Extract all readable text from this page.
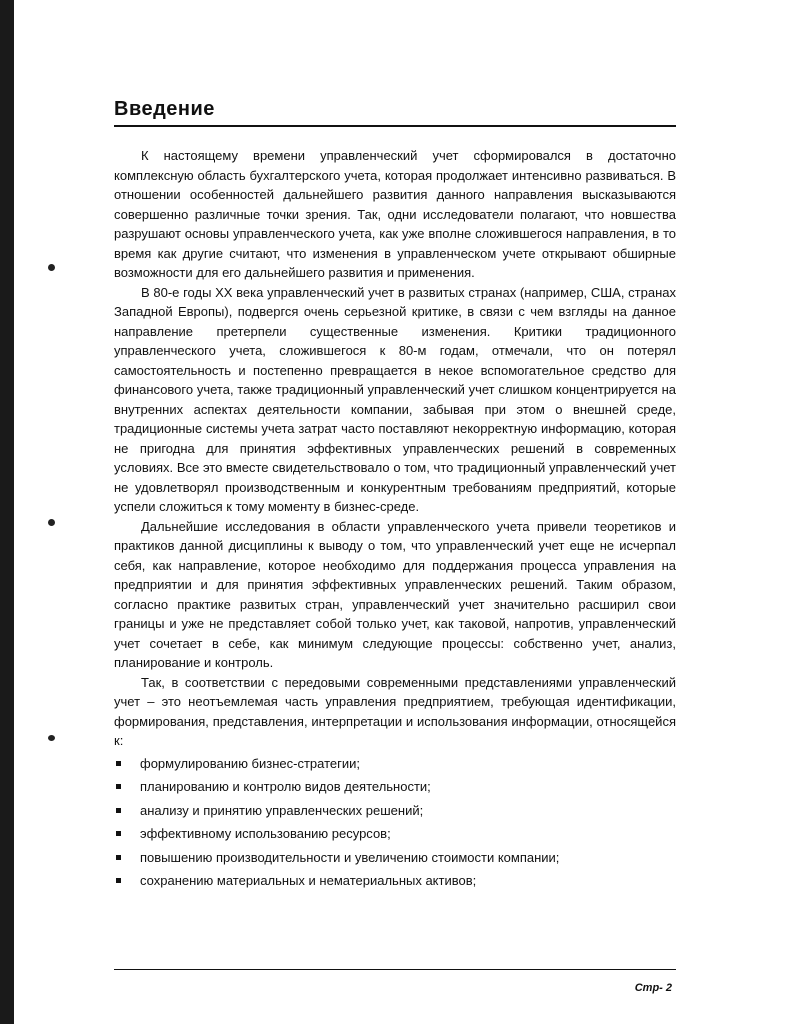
Введение

К настоящему времени управленческий учет сформировался в достаточно комплексную область бухгалтерского учета, которая продолжает интенсивно развиваться. В отношении особенностей дальнейшего развития данного направления высказываются совершенно различные точки зрения. Так, одни исследователи полагают, что новшества разрушают основы управленческого учета, как уже вполне сложившегося направления, в то время как другие считают, что изменения в управленческом учете открывают обширные возможности для его дальнейшего развития и применения.

В 80-е годы XX века управленческий учет в развитых странах (например, США, странах Западной Европы), подвергся очень серьезной критике, в связи с чем взгляды на данное направление претерпели существенные изменения. Критики традиционного управленческого учета, сложившегося к 80-м годам, отмечали, что он потерял самостоятельность и постепенно превращается в некое вспомогательное средство для финансового учета, также традиционный управленческий учет слишком концентрируется на внутренних аспектах деятельности компании, забывая при этом о внешней среде, традиционные системы учета затрат часто поставляют некорректную информацию, которая не пригодна для принятия эффективных управленческих решений в современных условиях. Все это вместе свидетельствовало о том, что традиционный управленческий учет не удовлетворял производственным и конкурентным требованиям предприятий, которые успели сложиться к тому моменту в бизнес-среде.

Дальнейшие исследования в области управленческого учета привели теоретиков и практиков данной дисциплины к выводу о том, что управленческий учет еще не исчерпал себя, как направление, которое необходимо для поддержания процесса управления на предприятии и для принятия эффективных управленческих решений. Таким образом, согласно практике развитых стран, управленческий учет значительно расширил свои границы и уже не представляет собой только учет, как таковой, напротив, управленческий учет сочетает в себе, как минимум следующие процессы: собственно учет, анализ, планирование и контроль.

Так, в соответствии с передовыми современными представлениями управленческий учет – это неотъемлемая часть управления предприятием, требующая идентификации, формирования, представления, интерпретации и использования информации, относящейся к:

формулированию бизнес-стратегии;
планированию и контролю видов деятельности;
анализу и принятию управленческих решений;
эффективному использованию ресурсов;
повышению производительности и увеличению стоимости компании;
сохранению материальных и нематериальных активов;
Стр- 2
